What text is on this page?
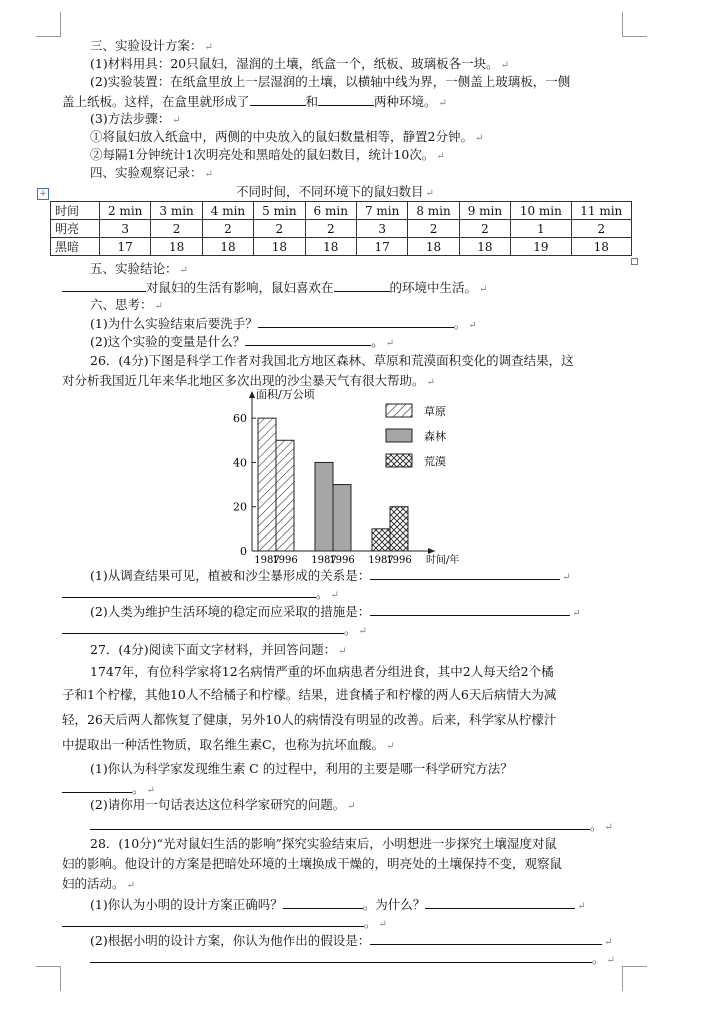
三、实验设计方案： ↵
(1)材料用具：20只鼠妇，湿润的土壤，纸盒一个，纸板、玻璃板各一块。 ↵
(2)实验装置：在纸盒里放上一层湿润的土壤，以横轴中线为界，一侧盖上玻璃板，一侧
盖上纸板。这样，在盒里就形成了	和	两种环境。 ↵
(3)方法步骤： ↵
①将鼠妇放入纸盒中，两侧的中央放入的鼠妇数量相等，静置2分钟。 ↵
②每隔1分钟统计1次明亮处和黑暗处的鼠妇数目，统计10次。 ↵
四、实验观察记录： ↵
+	不同时间，不同环境下的鼠妇数目 ↵
时间	2 min	3 min	4 min	5 min	6 min	7 min	8 min	9 min	10 min	11 min
明亮	3	2	2	2	2	3	2	2	1	2
黑暗	17	18	18	18	18	17	18	18	19	18
五、实验结论： ↵
对鼠妇的生活有影响，鼠妇喜欢在	的环境中生活。 ↵
六、思考： ↵
(1)为什么实验结束后要洗手？	。 ↵
(2)这个实验的变量是什么？	。 ↵
26．(4分)下图是科学工作者对我国北方地区森林、草原和荒漠面积变化的调查结果，这
对分析我国近几年来华北地区多次出现的沙尘暴天气有很大帮助。 ↵
0
20
40
60
面积/万公顷
1987
1996 1987
1996 1987
1996 时间/年
草原
森林
荒漠
(1)从调查结果可见，植被和沙尘暴形成的关系是：	↵
。 ↵
(2)人类为维护生活环境的稳定而应采取的措施是：	↵
。 ↵
27．(4分)阅读下面文字材料，并回答问题： ↵
1747年，有位科学家将12名病情严重的坏血病患者分组进食，其中2人每天给2个橘
子和1个柠檬，其他10人不给橘子和柠檬。结果，进食橘子和柠檬的两人6天后病情大为减
轻，26天后两人都恢复了健康，另外10人的病情没有明显的改善。后来，科学家从柠檬汁
中提取出一种活性物质，取名维生素C，也称为抗坏血酸。 ↵
(1)你认为科学家发现维生素 C 的过程中，利用的主要是哪一科学研究方法？
。 ↵
(2)请你用一句话表达这位科学家研究的问题。 ↵
。 ↵
28．(10分)“光对鼠妇生活的影响”探究实验结束后，小明想进一步探究土壤湿度对鼠
妇的影响。他设计的方案是把暗处环境的土壤换成干燥的，明亮处的土壤保持不变，观察鼠
妇的活动。 ↵
(1)你认为小明的设计方案正确吗？	。为什么？	↵
。 ↵
(2)根据小明的设计方案，你认为他作出的假设是：	↵
。 ↵
